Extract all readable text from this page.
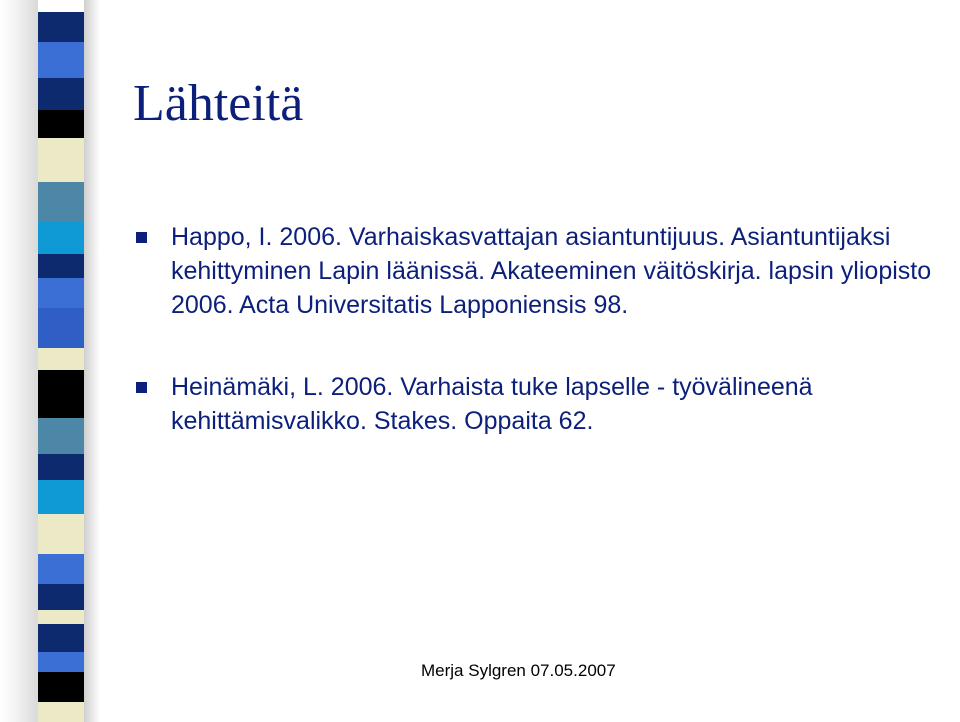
Lähteitä
Happo, I. 2006. Varhaiskasvattajan asiantuntijuus. Asiantuntijaksi kehittyminen Lapin läänissä. Akateeminen väitöskirja. lapsin yliopisto 2006. Acta Universitatis Lapponiensis 98.
Heinämäki, L. 2006. Varhaista tuke lapselle - työvälineenä kehittämisvalikko. Stakes. Oppaita 62.
Merja Sylgren 07.05.2007
